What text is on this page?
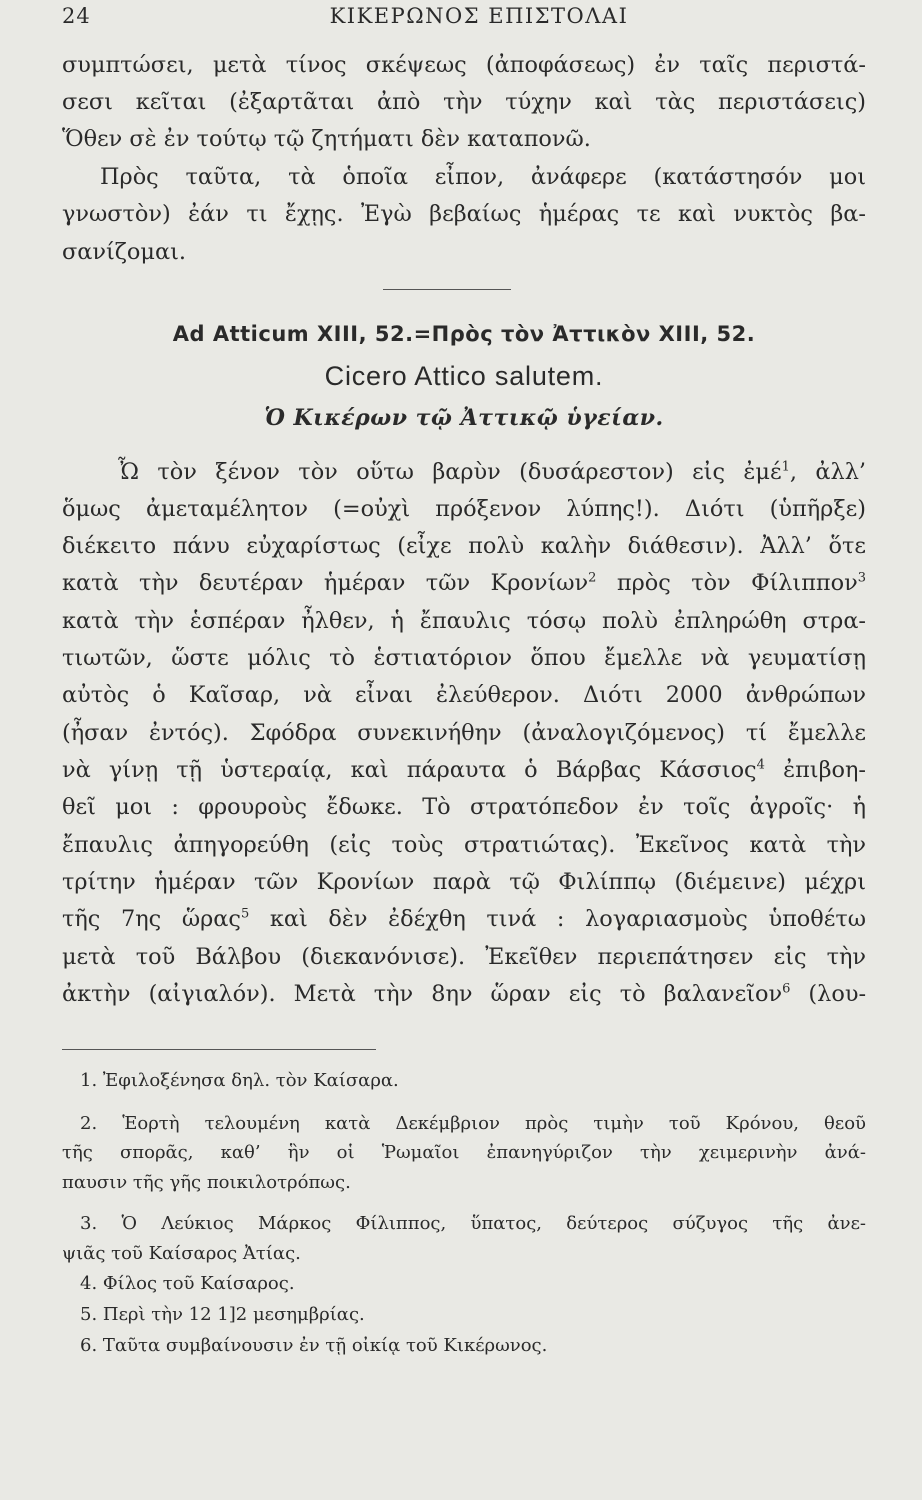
24	ΚΙΚΕΡΩΝΟΣ ΕΠΙΣΤΟΛΑΙ
συμπτώσει, μετὰ τίνος σκέψεως (ἀποφάσεως) ἐν ταῖς περιστά-
σεσι κεῖται (ἐξαρτᾶται ἀπὸ τὴν τύχην καὶ τὰς περιστάσεις)
Ὅθεν σὲ ἐν τούτῳ τῷ ζητήματι δὲν καταπονῶ.
Πρὸς ταῦτα, τὰ ὁποῖα εἶπον, ἀνάφερε (κατάστησόν μοι
γνωστὸν) ἐάν τι ἔχῃς. Ἐγὼ βεβαίως ἡμέρας τε καὶ νυκτὸς βα-
σανίζομαι.
Ad Atticum XIII, 52.=Πρὸς τὸν Ἀττικὸν XIII, 52.
Cicero Attico salutem.
Ὁ Κικέρων τῷ Ἀττικῷ ὑγείαν.
Ὦ τὸν ξένον τὸν οὕτω βαρὺν (δυσάρεστον) εἰς ἐμέ$^1$, ἀλλ’
ὅμως ἀμεταμέλητον (=οὐχὶ πρόξενον λύπης!). Διότι (ὑπῆρξε)
διέκειτο πάνυ εὐχαρίστως (εἶχε πολὺ καλὴν διάθεσιν). Ἀλλ’ ὅτε
κατὰ τὴν δευτέραν ἡμέραν τῶν Κρονίων$^2$ πρὸς τὸν Φίλιππον$^3$
κατὰ τὴν ἑσπέραν ἦλθεν, ἡ ἔπαυλις τόσῳ πολὺ ἐπληρώθη στρα-
τιωτῶν, ὥστε μόλις τὸ ἑστιατόριον ὅπου ἔμελλε νὰ γευματίσῃ
αὐτὸς ὁ Καῖσαρ, νὰ εἶναι ἐλεύθερον. Διότι 2000 ἀνθρώπων
(ἦσαν ἐντός). Σφόδρα συνεκινήθην (ἀναλογιζόμενος) τί ἔμελλε
νὰ γίνῃ τῇ ὑστεραίᾳ, καὶ πάραυτα ὁ Βάρβας Κάσσιος$^4$ ἐπιβοη-
θεῖ μοι : φρουροὺς ἔδωκε. Τὸ στρατόπεδον ἐν τοῖς ἀγροῖς· ἡ
ἔπαυλις ἀπηγορεύθη (εἰς τοὺς στρατιώτας). Ἐκεῖνος κατὰ τὴν
τρίτην ἡμέραν τῶν Κρονίων παρὰ τῷ Φιλίππῳ (διέμεινε) μέχρι
τῆς 7ης ὥρας$^5$ καὶ δὲν ἐδέχθη τινά : λογαριασμοὺς ὑποθέτω
μετὰ τοῦ Βάλβου (διεκανόνισε). Ἐκεῖθεν περιεπάτησεν εἰς τὴν
ἀκτὴν (αἰγιαλόν). Μετὰ τὴν 8ην ὥραν εἰς τὸ βαλανεῖον$^6$ (λου-
1. Ἐφιλοξένησα δηλ. τὸν Καίσαρα.
2. Ἑορτὴ τελουμένη κατὰ Δεκέμβριον πρὸς τιμὴν τοῦ Κρόνου, θεοῦ
τῆς σπορᾶς, καθ’ ἣν οἱ Ῥωμαῖοι ἐπανηγύριζον τὴν χειμερινὴν ἀνά-
παυσιν τῆς γῆς ποικιλοτρόπως.
3. Ὁ Λεύκιος Μάρκος Φίλιππος, ὕπατος, δεύτερος σύζυγος τῆς ἀνε-
ψιᾶς τοῦ Καίσαρος Ἀτίας.
4. Φίλος τοῦ Καίσαρος.
5. Περὶ τὴν 12 1]2 μεσημβρίας.
6. Ταῦτα συμβαίνουσιν ἐν τῇ οἰκίᾳ τοῦ Κικέρωνος.
